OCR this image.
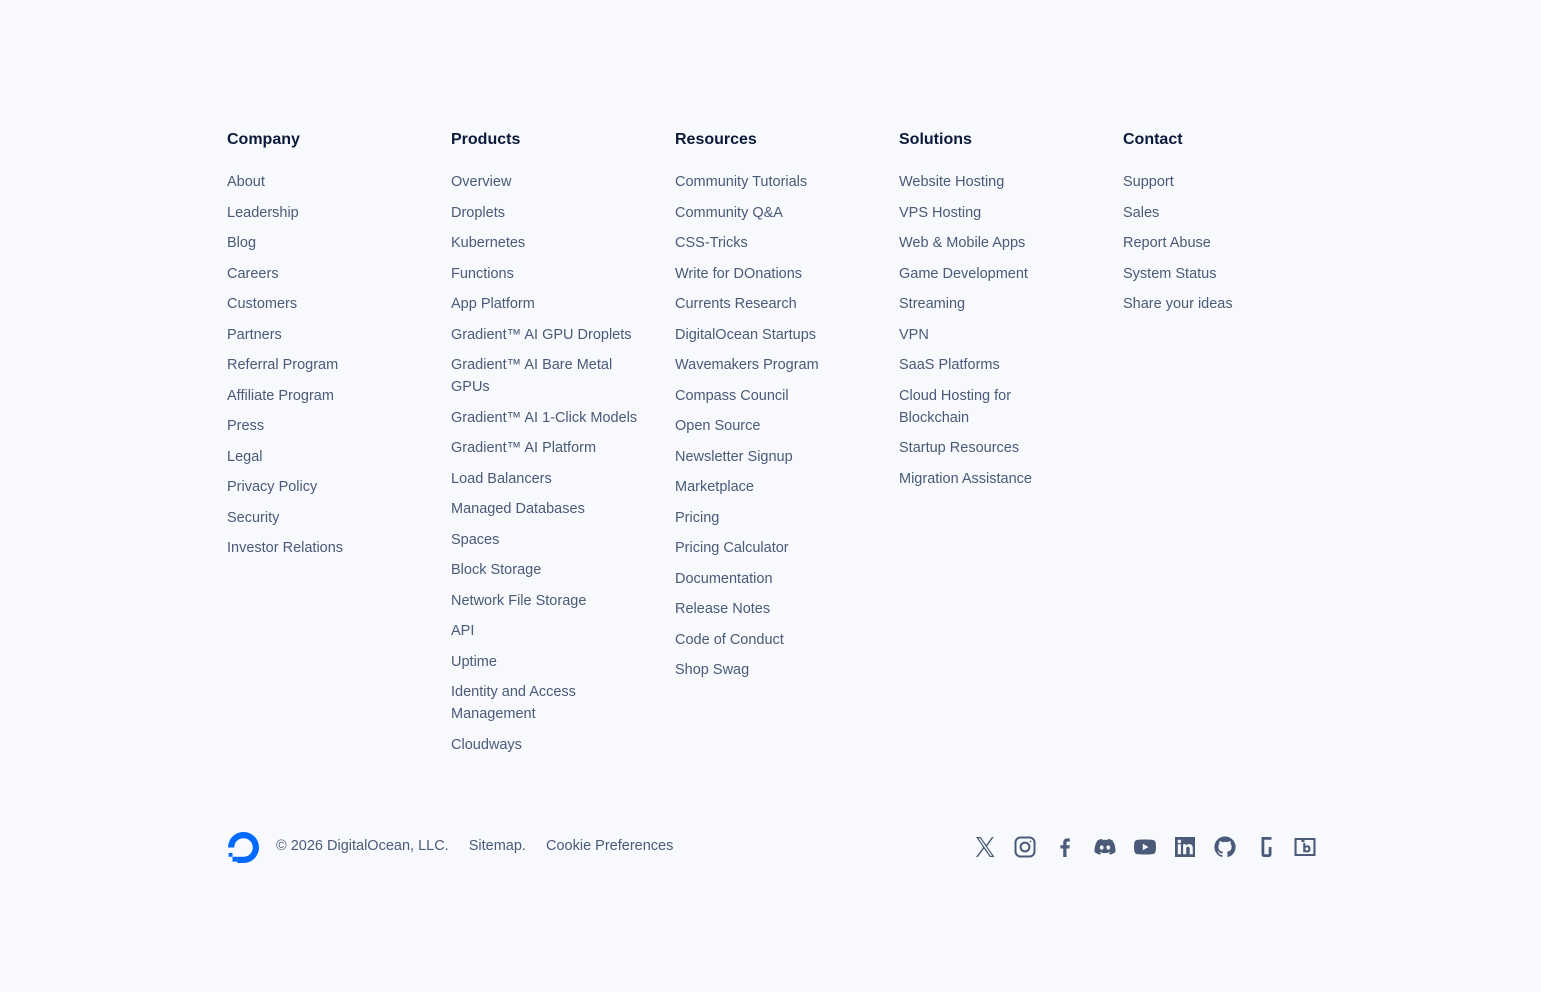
Company
About
Leadership
Blog
Careers
Customers
Partners
Referral Program
Affiliate Program
Press
Legal
Privacy Policy
Security
Investor Relations
Products
Overview
Droplets
Kubernetes
Functions
App Platform
Gradient™ AI GPU Droplets
Gradient™ AI Bare Metal GPUs
Gradient™ AI 1-Click Models
Gradient™ AI Platform
Load Balancers
Managed Databases
Spaces
Block Storage
Network File Storage
API
Uptime
Identity and Access Management
Cloudways
Resources
Community Tutorials
Community Q&A
CSS-Tricks
Write for DOnations
Currents Research
DigitalOcean Startups
Wavemakers Program
Compass Council
Open Source
Newsletter Signup
Marketplace
Pricing
Pricing Calculator
Documentation
Release Notes
Code of Conduct
Shop Swag
Solutions
Website Hosting
VPS Hosting
Web & Mobile Apps
Game Development
Streaming
VPN
SaaS Platforms
Cloud Hosting for Blockchain
Startup Resources
Migration Assistance
Contact
Support
Sales
Report Abuse
System Status
Share your ideas
© 2026 DigitalOcean, LLC. Sitemap. Cookie Preferences
